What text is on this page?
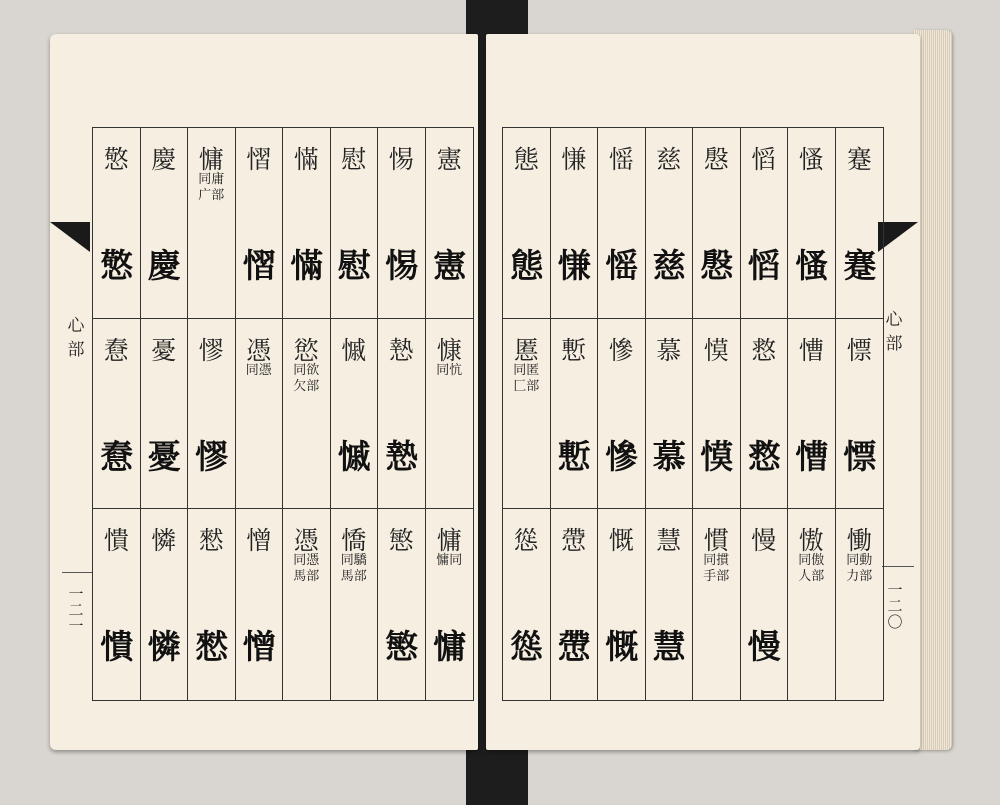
心部
一二一
心部
一二〇
態
態
慊
慊
愮
愮
慈
慈
慇
慇
慆
慆
慅
慅
蹇
蹇
慝
同匿 匚部
慙
慙
慘
慘
慕
慕
慔
慔
慦
慦
慒
慒
慓
慓
慫
慫
慸
慸
慨
慨
慧
慧
慣
同摜 手部
慢
慢
慠
同傲 人部
慟
同動 力部
憼
憼
慶
慶
慵
同庸 广部
慴
慴
慲
慲
慰
慰
惕
惕
憲
憲
憃
憃
憂
憂
憀
憀
憑
同憑
慾
同欲 欠部
慽
慽
慹
慹
慷
同忼
憒
憒
憐
憐
憖
憖
憎
憎
憑
同憑 馬部
憍
同驕 馬部
慜
慜
慵
慵同
慵
